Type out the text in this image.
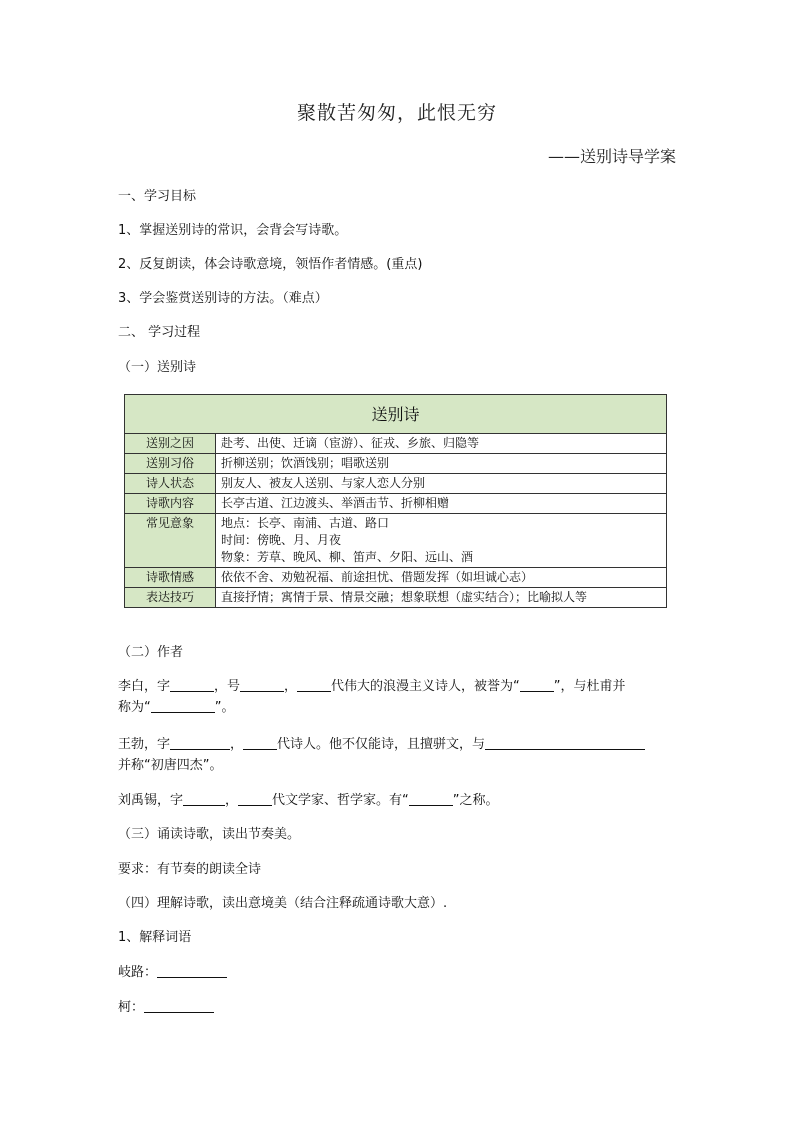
聚散苦匆匆，此恨无穷
——送别诗导学案
一、学习目标
1、掌握送别诗的常识，会背会写诗歌。
2、反复朗读，体会诗歌意境，领悟作者情感。(重点)
3、学会鉴赏送别诗的方法。（难点）
二、 学习过程
（一）送别诗
送别诗	
送别之因	赴考、出使、迁谪（宦游）、征戎、乡旅、归隐等
送别习俗	折柳送别；饮酒饯别；唱歌送别
诗人状态	别友人、被友人送别、与家人恋人分别
诗歌内容	长亭古道、江边渡头、举酒击节、折柳相赠
常见意象	地点：长亭、南浦、古道、路口
时间：傍晚、月、月夜
物象：芳草、晚风、柳、笛声、夕阳、远山、酒

诗歌情感	依依不舍、劝勉祝福、前途担忧、借题发挥（如坦诚心志）
表达技巧	直接抒情；寓情于景、情景交融；想象联想（虚实结合）；比喻拟人等
（二）作者
李白，字	，号	，	代伟大的浪漫主义诗人，被誉为“	”，与杜甫并
称为“	”。
王勃，字	，	代诗人。他不仅能诗，且擅骈文，与
并称“初唐四杰”。
刘禹锡，字	，	代文学家、哲学家。有“	”之称。
（三）诵读诗歌，读出节奏美。
要求：有节奏的朗读全诗
（四）理解诗歌，读出意境美（结合注释疏通诗歌大意）.
1、解释词语
岐路：
柯：
